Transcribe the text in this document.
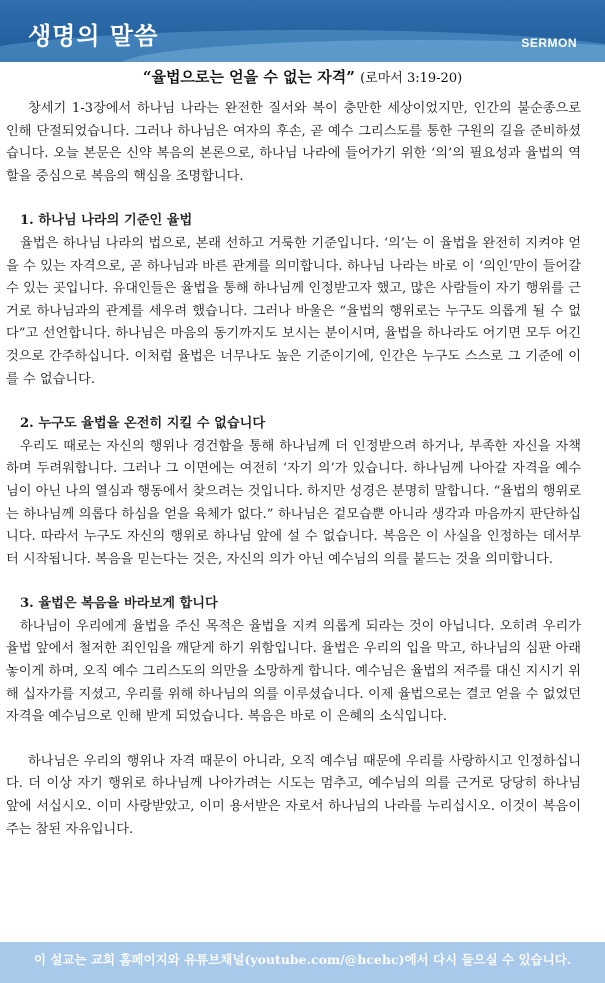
생명의 말씀	SERMON
“율법으로는 얻을 수 없는 자격” (로마서 3:19-20)

창세기 1-3장에서 하나님 나라는 완전한 질서와 복이 충만한 세상이었지만, 인간의 불순종으로 인해 단절되었습니다. 그러나 하나님은 여자의 후손, 곧 예수 그리스도를 통한 구원의 길을 준비하셨습니다. 오늘 본문은 신약 복음의 본론으로, 하나님 나라에 들어가기 위한 ‘의’의 필요성과 율법의 역할을 중심으로 복음의 핵심을 조명합니다.

1. 하나님 나라의 기준인 율법

율법은 하나님 나라의 법으로, 본래 선하고 거룩한 기준입니다. ‘의’는 이 율법을 완전히 지켜야 얻을 수 있는 자격으로, 곧 하나님과 바른 관계를 의미합니다. 하나님 나라는 바로 이 ‘의인’만이 들어갈 수 있는 곳입니다. 유대인들은 율법을 통해 하나님께 인정받고자 했고, 많은 사람들이 자기 행위를 근거로 하나님과의 관계를 세우려 했습니다. 그러나 바울은 “율법의 행위로는 누구도 의롭게 될 수 없다”고 선언합니다. 하나님은 마음의 동기까지도 보시는 분이시며, 율법을 하나라도 어기면 모두 어긴 것으로 간주하십니다. 이처럼 율법은 너무나도 높은 기준이기에, 인간은 누구도 스스로 그 기준에 이를 수 없습니다.

2. 누구도 율법을 온전히 지킬 수 없습니다

우리도 때로는 자신의 행위나 경건함을 통해 하나님께 더 인정받으려 하거나, 부족한 자신을 자책하며 두려워합니다. 그러나 그 이면에는 여전히 ‘자기 의’가 있습니다. 하나님께 나아갈 자격을 예수님이 아닌 나의 열심과 행동에서 찾으려는 것입니다. 하지만 성경은 분명히 말합니다. “율법의 행위로는 하나님께 의롭다 하심을 얻을 육체가 없다.” 하나님은 겉모습뿐 아니라 생각과 마음까지 판단하십니다. 따라서 누구도 자신의 행위로 하나님 앞에 설 수 없습니다. 복음은 이 사실을 인정하는 데서부터 시작됩니다. 복음을 믿는다는 것은, 자신의 의가 아닌 예수님의 의를 붙드는 것을 의미합니다.

3. 율법은 복음을 바라보게 합니다

하나님이 우리에게 율법을 주신 목적은 율법을 지켜 의롭게 되라는 것이 아닙니다. 오히려 우리가 율법 앞에서 철저한 죄인임을 깨닫게 하기 위함입니다. 율법은 우리의 입을 막고, 하나님의 심판 아래 놓이게 하며, 오직 예수 그리스도의 의만을 소망하게 합니다. 예수님은 율법의 저주를 대신 지시기 위해 십자가를 지셨고, 우리를 위해 하나님의 의를 이루셨습니다. 이제 율법으로는 결코 얻을 수 없었던 자격을 예수님으로 인해 받게 되었습니다. 복음은 바로 이 은혜의 소식입니다.

하나님은 우리의 행위나 자격 때문이 아니라, 오직 예수님 때문에 우리를 사랑하시고 인정하십니다. 더 이상 자기 행위로 하나님께 나아가려는 시도는 멈추고, 예수님의 의를 근거로 당당히 하나님 앞에 서십시오. 이미 사랑받았고, 이미 용서받은 자로서 하나님의 나라를 누리십시오. 이것이 복음이 주는 참된 자유입니다.

이 설교는 교회 홈페이지와 유튜브채널(youtube.com/@hcehc)에서 다시 들으실 수 있습니다.
